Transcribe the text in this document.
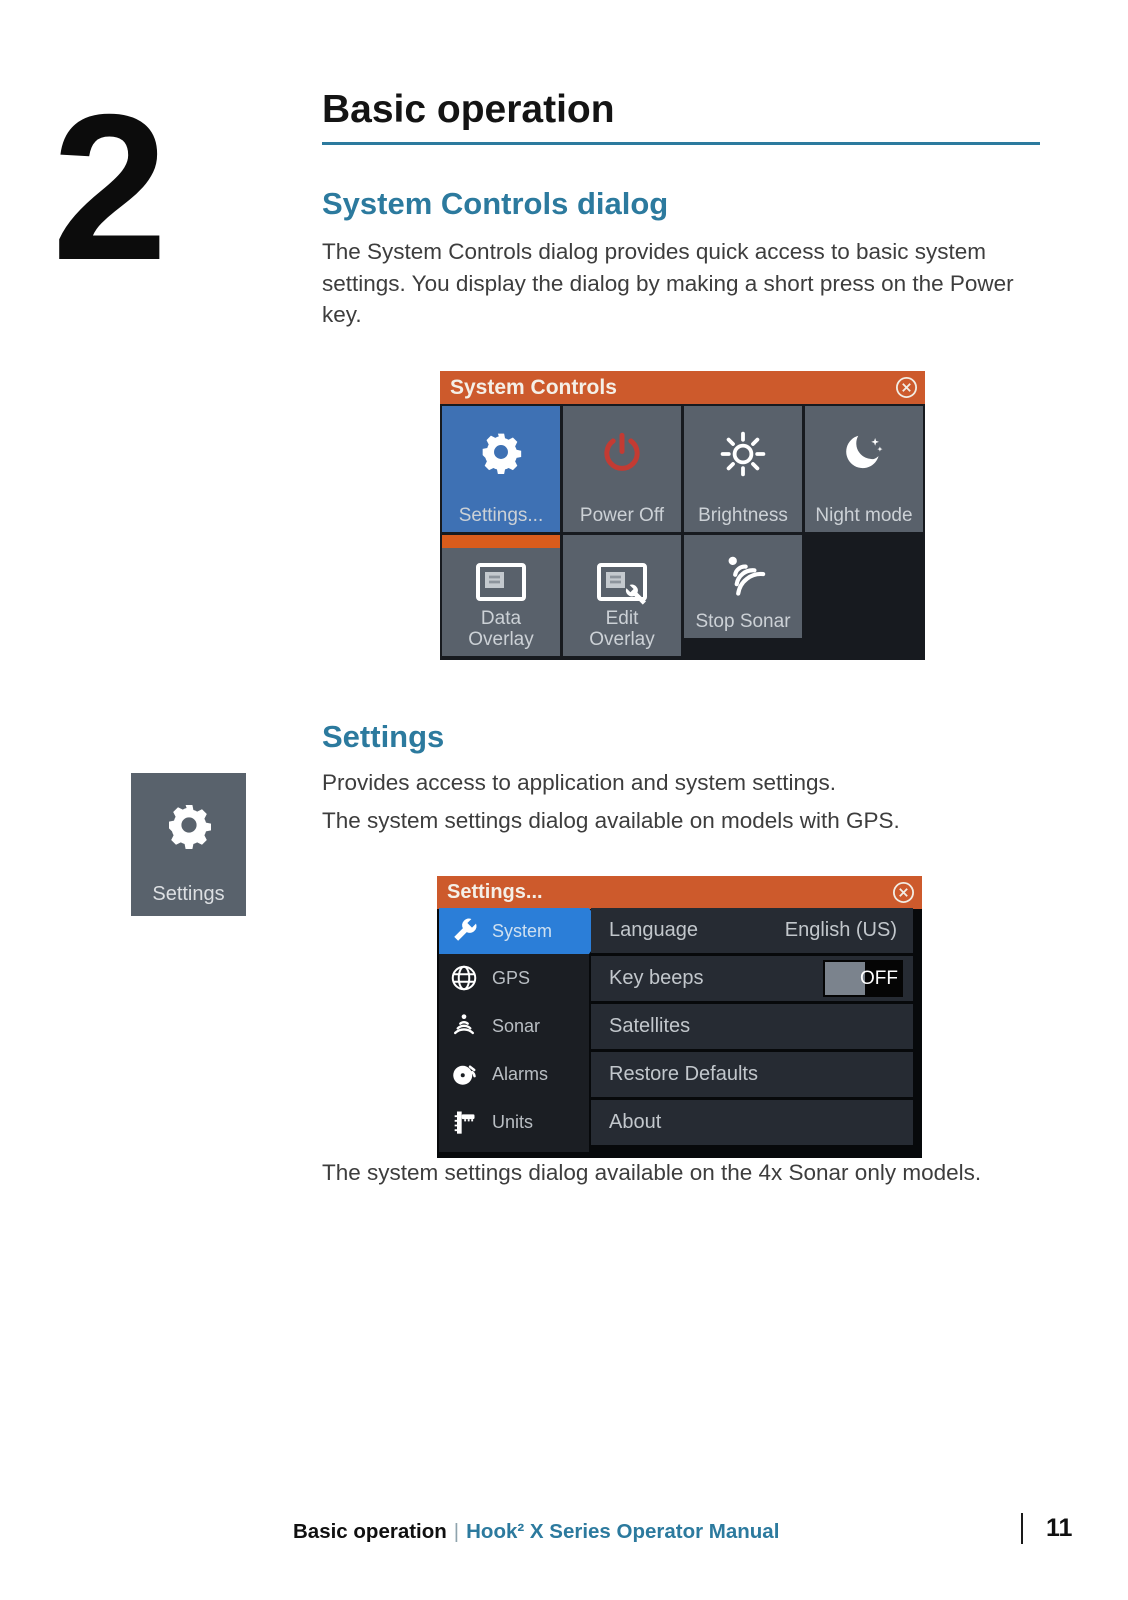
2	Basic operation
System Controls dialog
The System Controls dialog provides quick access to basic system settings. You display the dialog by making a short press on the Power key.
System Controls
Settings...	Power Off	Brightness	Night mode
Data Overlay
Edit Overlay
Stop Sonar
Settings
Provides access to application and system settings.
The system settings dialog available on models with GPS.
Settings	Settings...
System
GPS
Sonar
Alarms
Units
Language	English (US)
Key beeps	OFF
Satellites
Restore Defaults
About
The system settings dialog available on the 4x Sonar only models.
Basic operation | Hook² X Series Operator Manual	11
